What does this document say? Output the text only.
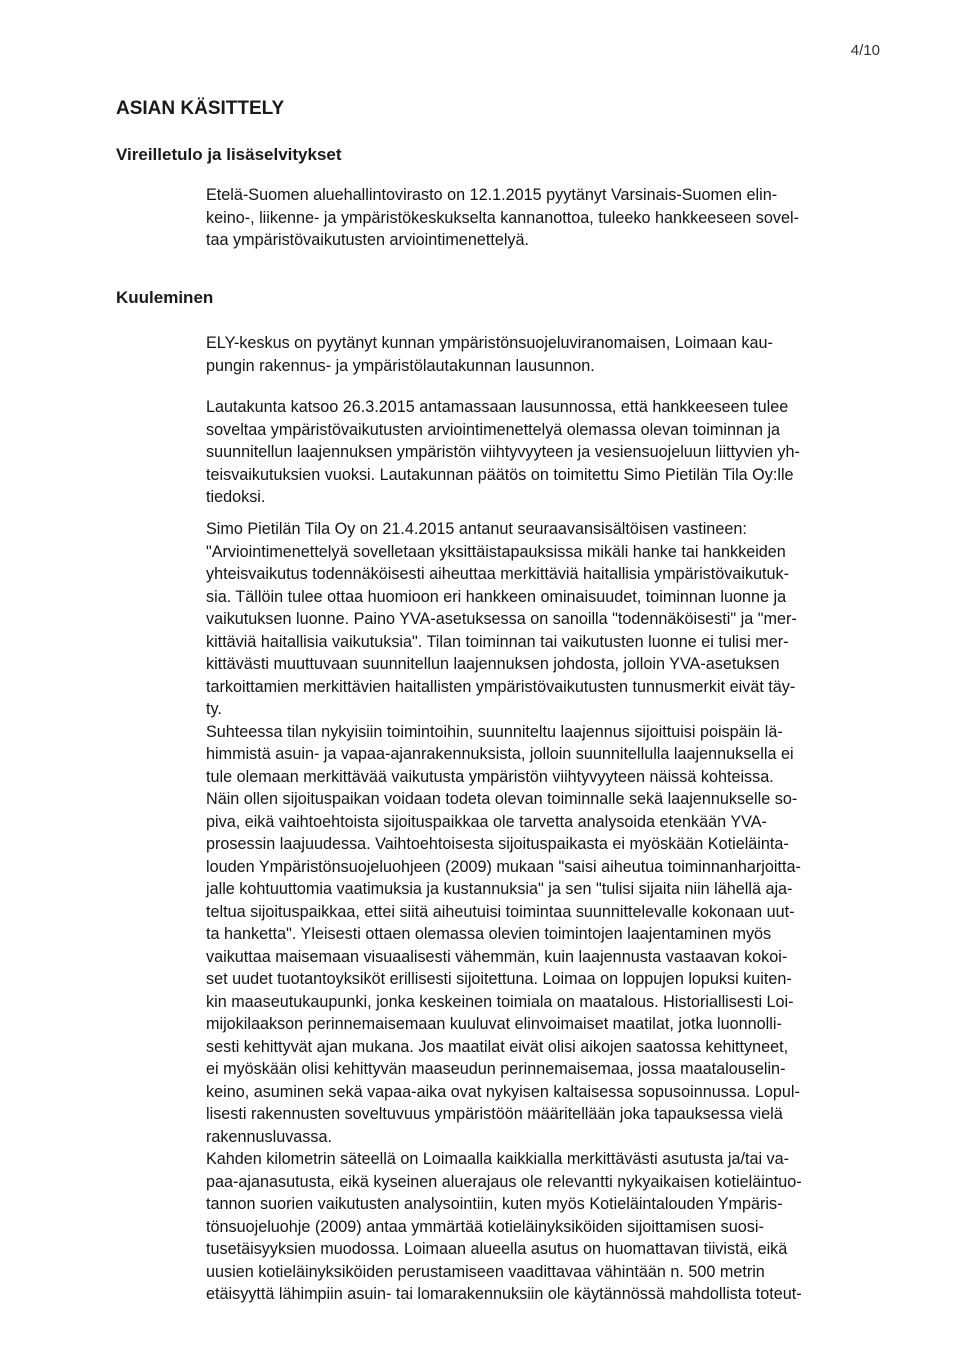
4/10
ASIAN KÄSITTELY
Vireilletulo ja lisäselvitykset
Kuuleminen

Etelä-Suomen aluehallintovirasto on 12.1.2015 pyytänyt Varsinais-Suomen elin-
keino-, liikenne- ja ympäristökeskukselta kannanottoa, tuleeko hankkeeseen sovel-
taa ympäristövaikutusten arviointimenettelyä.

ELY-keskus on pyytänyt kunnan ympäristönsuojeluviranomaisen, Loimaan kau-
pungin rakennus- ja ympäristölautakunnan lausunnon.

Lautakunta katsoo 26.3.2015 antamassaan lausunnossa, että hankkeeseen tulee
soveltaa ympäristövaikutusten arviointimenettelyä olemassa olevan toiminnan ja
suunnitellun laajennuksen ympäristön viihtyvyyteen ja vesiensuojeluun liittyvien yh-
teisvaikutuksien vuoksi. Lautakunnan päätös on toimitettu Simo Pietilän Tila Oy:lle
tiedoksi.

Simo Pietilän Tila Oy on 21.4.2015 antanut seuraavansisältöisen vastineen:
"Arviointimenettelyä sovelletaan yksittäistapauksissa mikäli hanke tai hankkeiden
yhteisvaikutus todennäköisesti aiheuttaa merkittäviä haitallisia ympäristövaikutuk-
sia. Tällöin tulee ottaa huomioon eri hankkeen ominaisuudet, toiminnan luonne ja
vaikutuksen luonne. Paino YVA-asetuksessa on sanoilla "todennäköisesti" ja "mer-
kittäviä haitallisia vaikutuksia". Tilan toiminnan tai vaikutusten luonne ei tulisi mer-
kittävästi muuttuvaan suunnitellun laajennuksen johdosta, jolloin YVA-asetuksen
tarkoittamien merkittävien haitallisten ympäristövaikutusten tunnusmerkit eivät täy-
ty.
Suhteessa tilan nykyisiin toimintoihin, suunniteltu laajennus sijoittuisi poispäin lä-
himmistä asuin- ja vapaa-ajanrakennuksista, jolloin suunnitellulla laajennuksella ei
tule olemaan merkittävää vaikutusta ympäristön viihtyvyyteen näissä kohteissa.
Näin ollen sijoituspaikan voidaan todeta olevan toiminnalle sekä laajennukselle so-
piva, eikä vaihtoehtoista sijoituspaikkaa ole tarvetta analysoida etenkään YVA-
prosessin laajuudessa. Vaihtoehtoisesta sijoituspaikasta ei myöskään Kotieläinta-
louden Ympäristönsuojeluohjeen (2009) mukaan "saisi aiheutua toiminnanharjoitta-
jalle kohtuuttomia vaatimuksia ja kustannuksia" ja sen "tulisi sijaita niin lähellä aja-
teltua sijoituspaikkaa, ettei siitä aiheutuisi toimintaa suunnittelevalle kokonaan uut-
ta hanketta". Yleisesti ottaen olemassa olevien toimintojen laajentaminen myös
vaikuttaa maisemaan visuaalisesti vähemmän, kuin laajennusta vastaavan kokoi-
set uudet tuotantoyksiköt erillisesti sijoitettuna. Loimaa on loppujen lopuksi kuiten-
kin maaseutukaupunki, jonka keskeinen toimiala on maatalous. Historiallisesti Loi-
mijokilaakson perinnemaisemaan kuuluvat elinvoimaiset maatilat, jotka luonnolli-
sesti kehittyvät ajan mukana. Jos maatilat eivät olisi aikojen saatossa kehittyneet,
ei myöskään olisi kehittyvän maaseudun perinnemaisemaa, jossa maatalouselin-
keino, asuminen sekä vapaa-aika ovat nykyisen kaltaisessa sopusoinnussa. Lopul-
lisesti rakennusten soveltuvuus ympäristöön määritellään joka tapauksessa vielä
rakennusluvassa.
Kahden kilometrin säteellä on Loimaalla kaikkialla merkittävästi asutusta ja/tai va-
paa-ajanasutusta, eikä kyseinen aluerajaus ole relevantti nykyaikaisen kotieläintuo-
tannon suorien vaikutusten analysointiin, kuten myös Kotieläintalouden Ympäris-
tönsuojeluohje (2009) antaa ymmärtää kotieläinyksiköiden sijoittamisen suosi-
tusetäisyyksien muodossa. Loimaan alueella asutus on huomattavan tiivistä, eikä
uusien kotieläinyksiköiden perustamiseen vaadittavaa vähintään n. 500 metrin
etäisyyttä lähimpiin asuin- tai lomarakennuksiin ole käytännössä mahdollista toteut-
